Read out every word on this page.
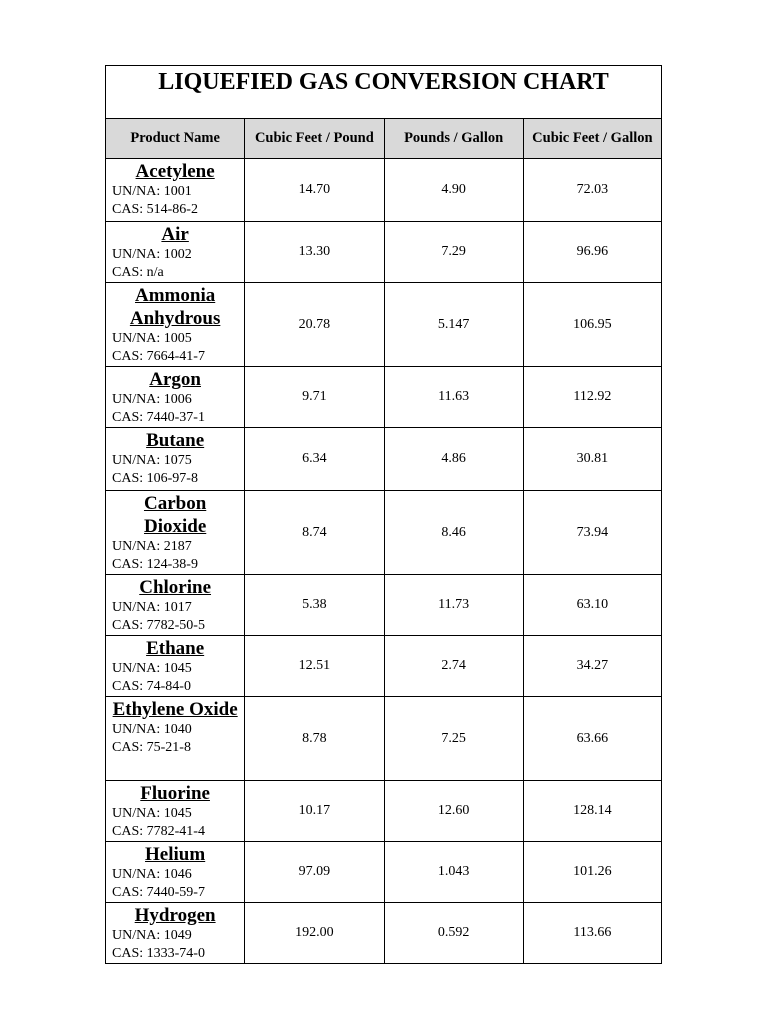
LIQUEFIED GAS CONVERSION CHART			
Product Name	Cubic Feet / Pound	Pounds / Gallon	Cubic Feet / Gallon

Acetylene
UN/NA: 1001
CAS: 514-86-2	14.70	4.90	72.03

Air
UN/NA: 1002
CAS: n/a	13.30	7.29	96.96

Ammonia Anhydrous
UN/NA: 1005
CAS: 7664-41-7	20.78	5.147	106.95

Argon
UN/NA: 1006
CAS: 7440-37-1	9.71	11.63	112.92

Butane
UN/NA: 1075
CAS: 106-97-8	6.34	4.86	30.81

Carbon Dioxide
UN/NA: 2187
CAS: 124-38-9	8.74	8.46	73.94

Chlorine
UN/NA: 1017
CAS: 7782-50-5	5.38	11.73	63.10

Ethane
UN/NA: 1045
CAS: 74-84-0	12.51	2.74	34.27

Ethylene Oxide
UN/NA: 1040
CAS: 75-21-8	8.78	7.25	63.66

Fluorine
UN/NA: 1045
CAS: 7782-41-4	10.17	12.60	128.14

Helium
UN/NA: 1046
CAS: 7440-59-7	97.09	1.043	101.26

Hydrogen
UN/NA: 1049
CAS: 1333-74-0	192.00	0.592	113.66
